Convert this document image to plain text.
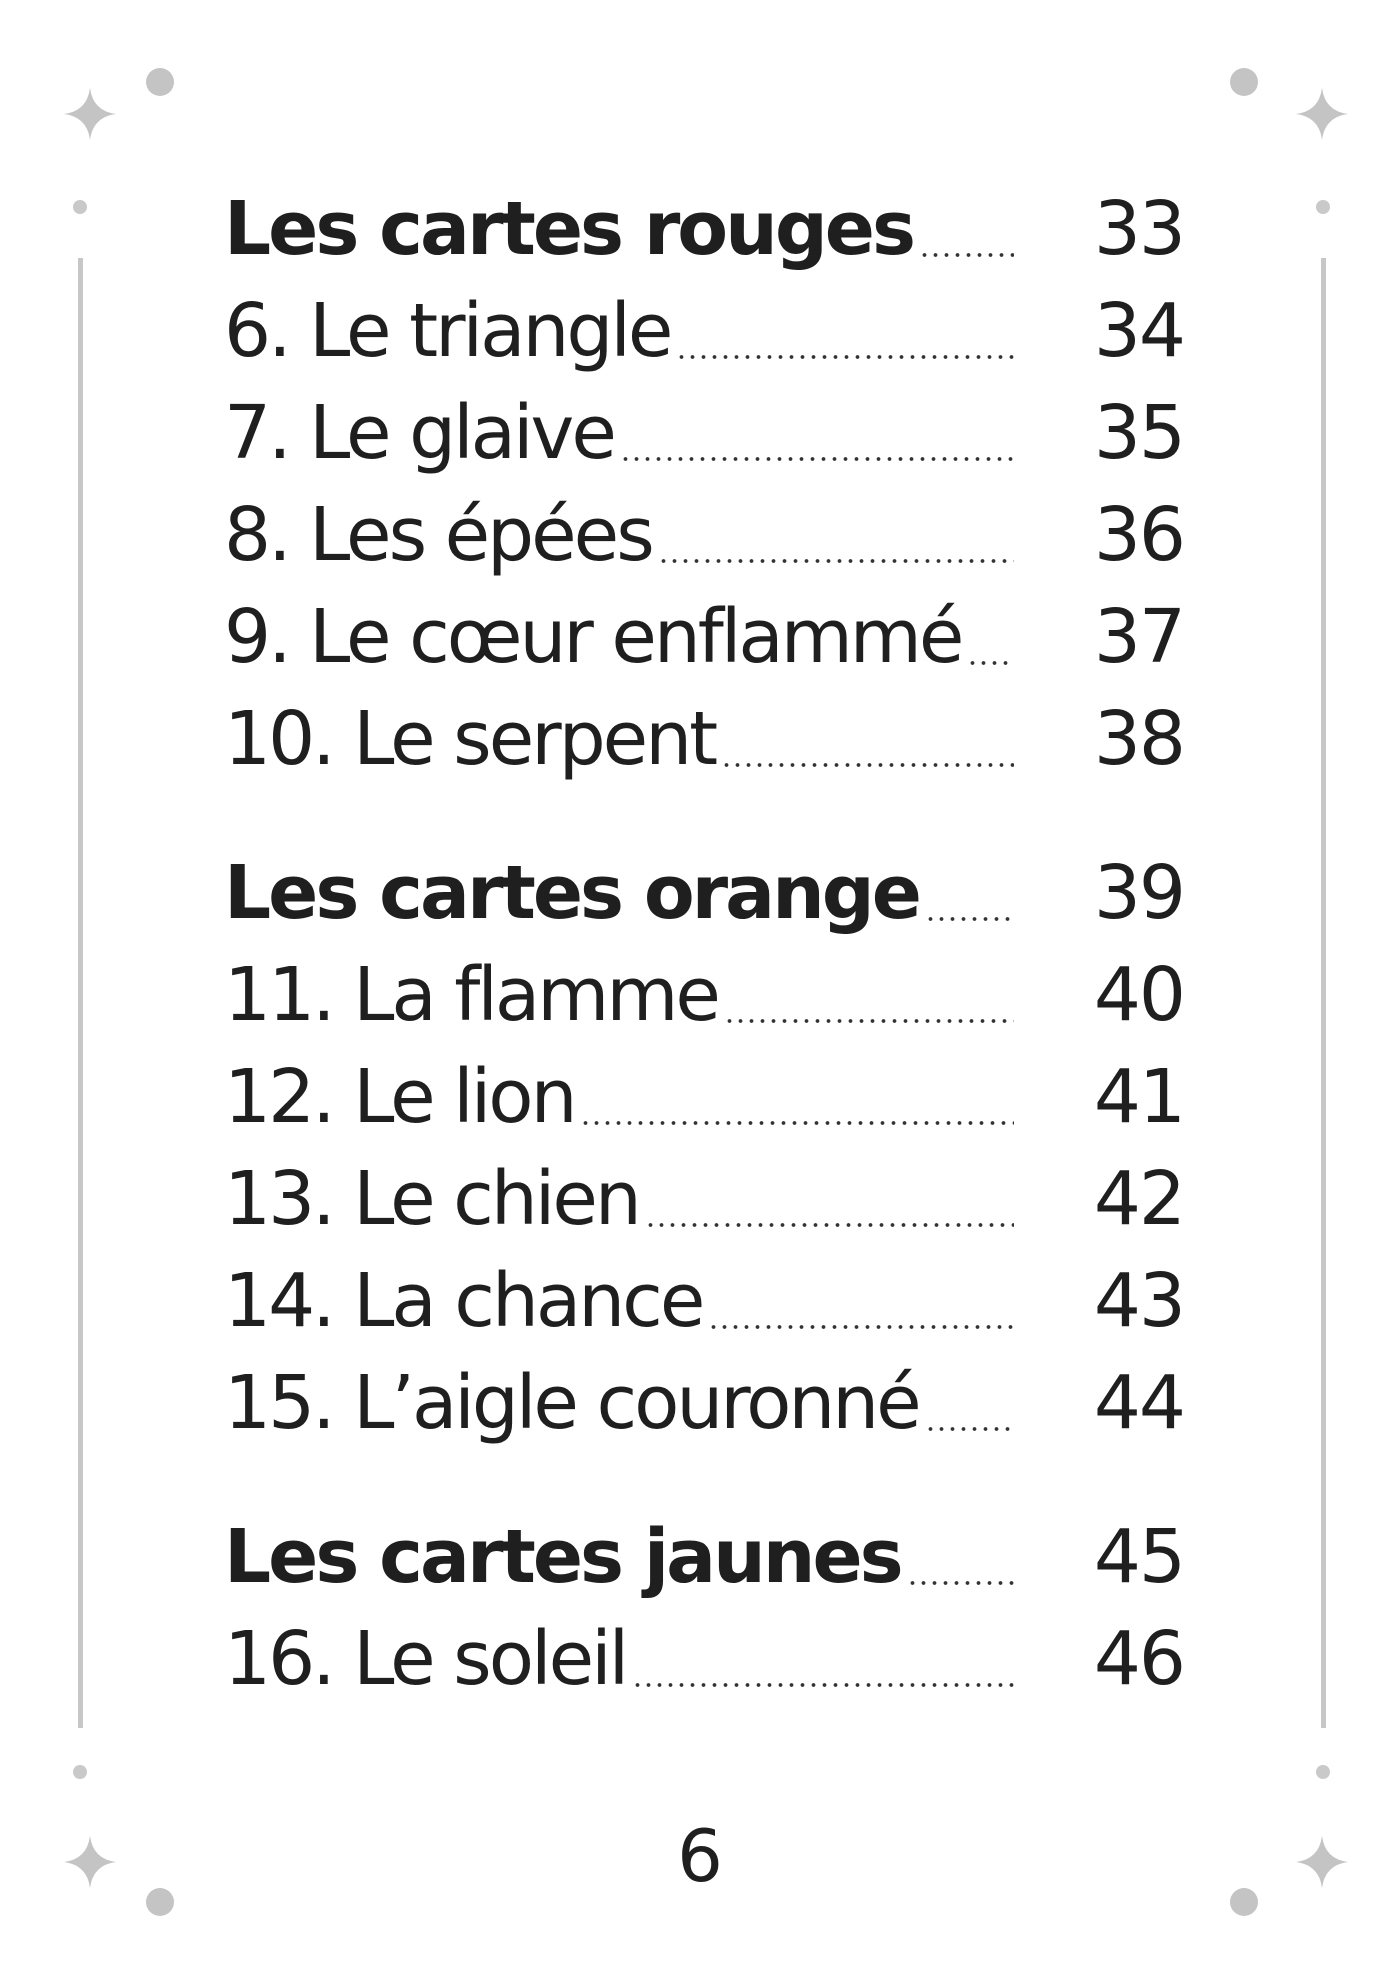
Les cartes rouges 33
6. Le triangle	34
7. Le glaive	35
8. Les épées	36
9. Le cœur enflammé 37
10. Le serpent	38
Les cartes orange 39
11. La flamme	40
12. Le lion	41
13. Le chien	42
14. La chance	43
15. L’aigle couronné 44
Les cartes jaunes	45
16. Le soleil	46
6
